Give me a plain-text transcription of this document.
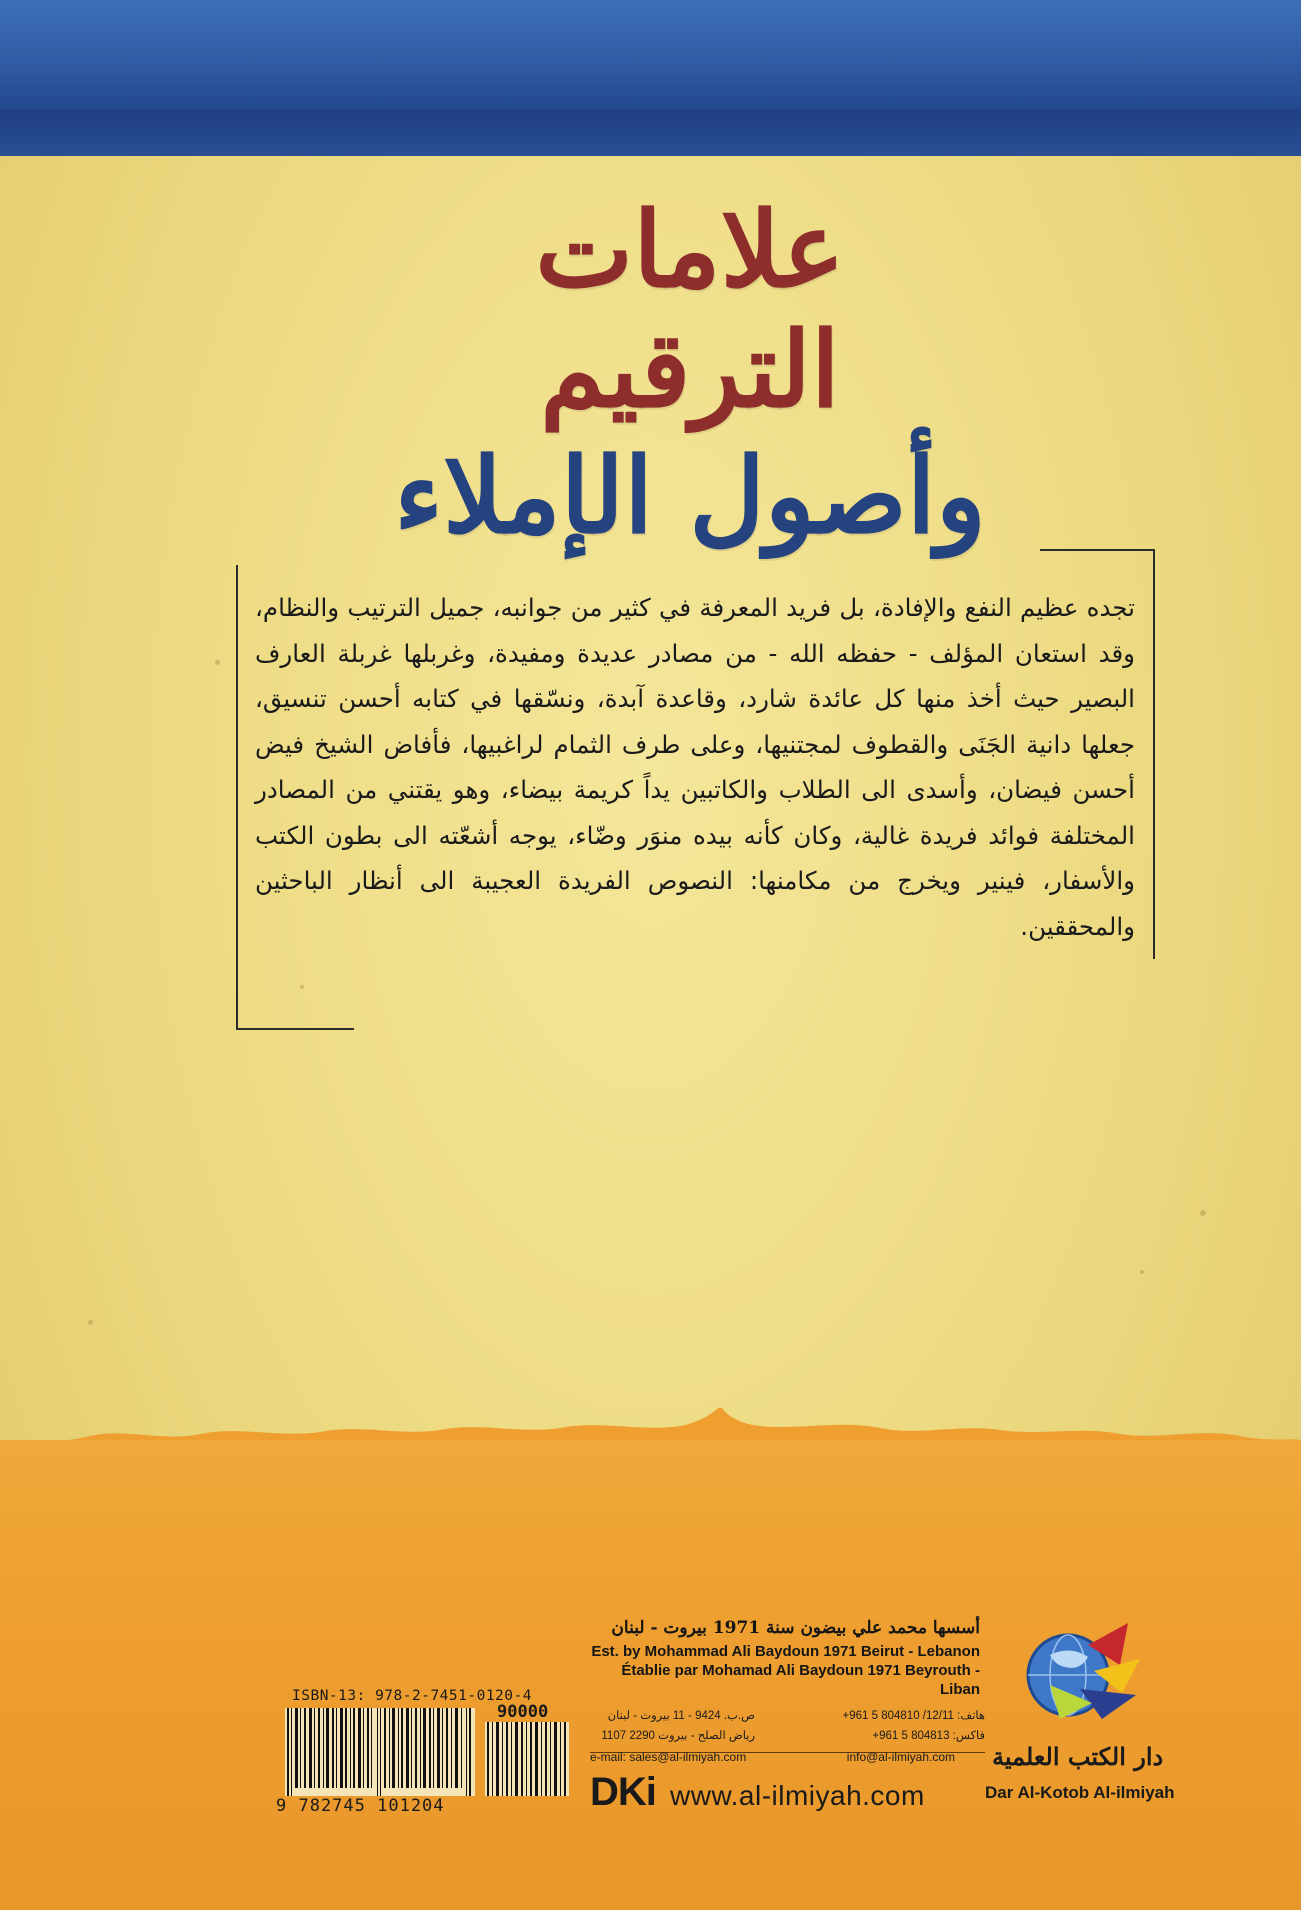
علامات الترقيم
وأصول الإملاء

تجده عظيم النفع والإفادة، بل فريد المعرفة في كثير من جوانبه، جميل الترتيب والنظام، وقد استعان المؤلف - حفظه الله - من مصادر عديدة ومفيدة، وغربلها غربلة العارف البصير حيث أخذ منها كل عائدة شارد، وقاعدة آبدة، ونسّقها في كتابه أحسن تنسيق، جعلها دانية الجَنَى والقطوف لمجتنيها، وعلى طرف الثمام لراغبيها، فأفاض الشيخ فيض أحسن فيضان، وأسدى الى الطلاب والكاتبين يداً كريمة بيضاء، وهو يقتني من المصادر المختلفة فوائد فريدة غالية، وكان كأنه بيده منوَر وضّاء، يوجه أشعّته الى بطون الكتب والأسفار، فينير ويخرج من مكامنها: النصوص الفريدة العجيبة الى أنظار الباحثين والمحققين.

أسسها محمد علي بيضون سنة 1971 بيروت - لبنان

Est. by Mohammad Ali Baydoun 1971 Beirut - Lebanon

Établie par Mohamad Ali Baydoun 1971 Beyrouth - Liban

هاتف: 12/11/ 804810 5 961+
فاكس: 804813 5 961+
ص.ب. 9424 - 11 بيروت - لبنان
رياض الصلح - بيروت 2290 1107
e-mail: sales@al-ilmiyah.com	info@al-ilmiyah.com دار الكتب العلمية
DKi www.al-ilmiyah.com	Dar Al-Kotob Al-ilmiyah
ISBN-13: 978-2-7451-0120-4
90000
9 782745 101204
